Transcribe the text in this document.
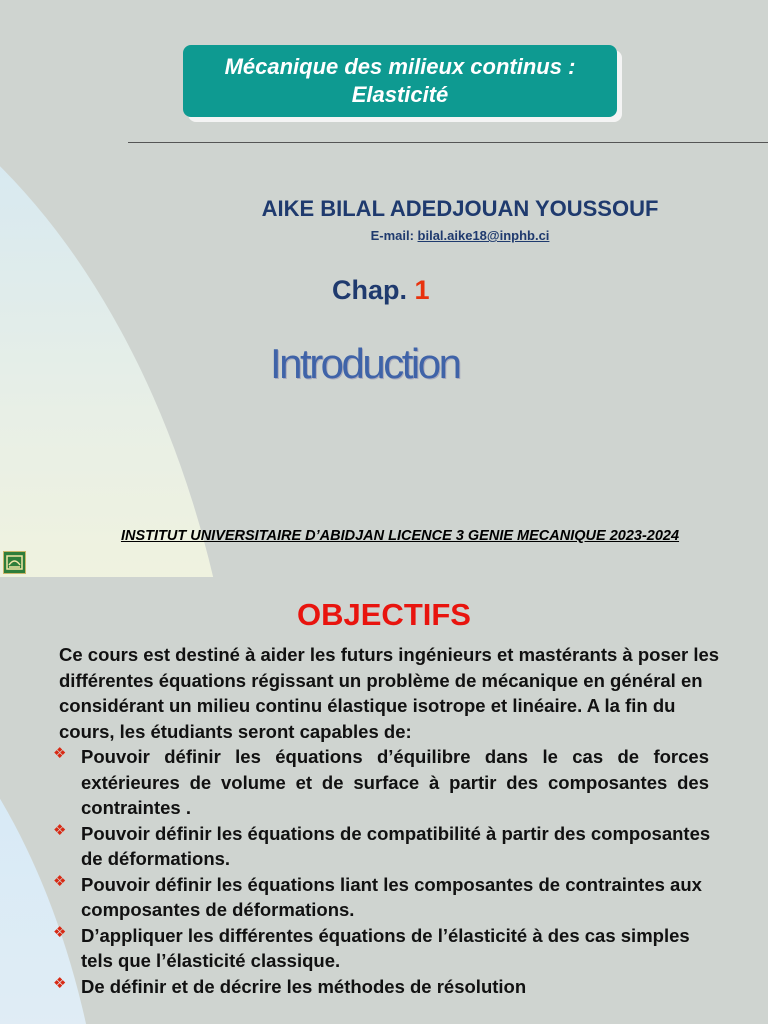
Mécanique des milieux continus :
Elasticité
AIKE BILAL ADEDJOUAN YOUSSOUF
E-mail: bilal.aike18@inphb.ci
Chap. 1
Introduction
INSTITUT UNIVERSITAIRE D’ABIDJAN LICENCE 3 GENIE MECANIQUE 2023-2024
OBJECTIFS

Ce cours est destiné à aider les futurs ingénieurs et mastérants à poser les différentes équations régissant un problème de mécanique en général en considérant un milieu continu élastique isotrope et linéaire. A la fin du cours, les étudiants seront capables de:

❖ Pouvoir définir les équations d’équilibre dans le cas de forces extérieures de volume et de surface à partir des composantes des contraintes .
❖ Pouvoir définir les équations de compatibilité à partir des composantes de déformations.
❖ Pouvoir définir les équations liant les composantes de contraintes aux composantes de déformations.
❖ D’appliquer les différentes équations de l’élasticité à des cas simples tels que l’élasticité classique.
❖ De définir et de décrire les méthodes de résolution
